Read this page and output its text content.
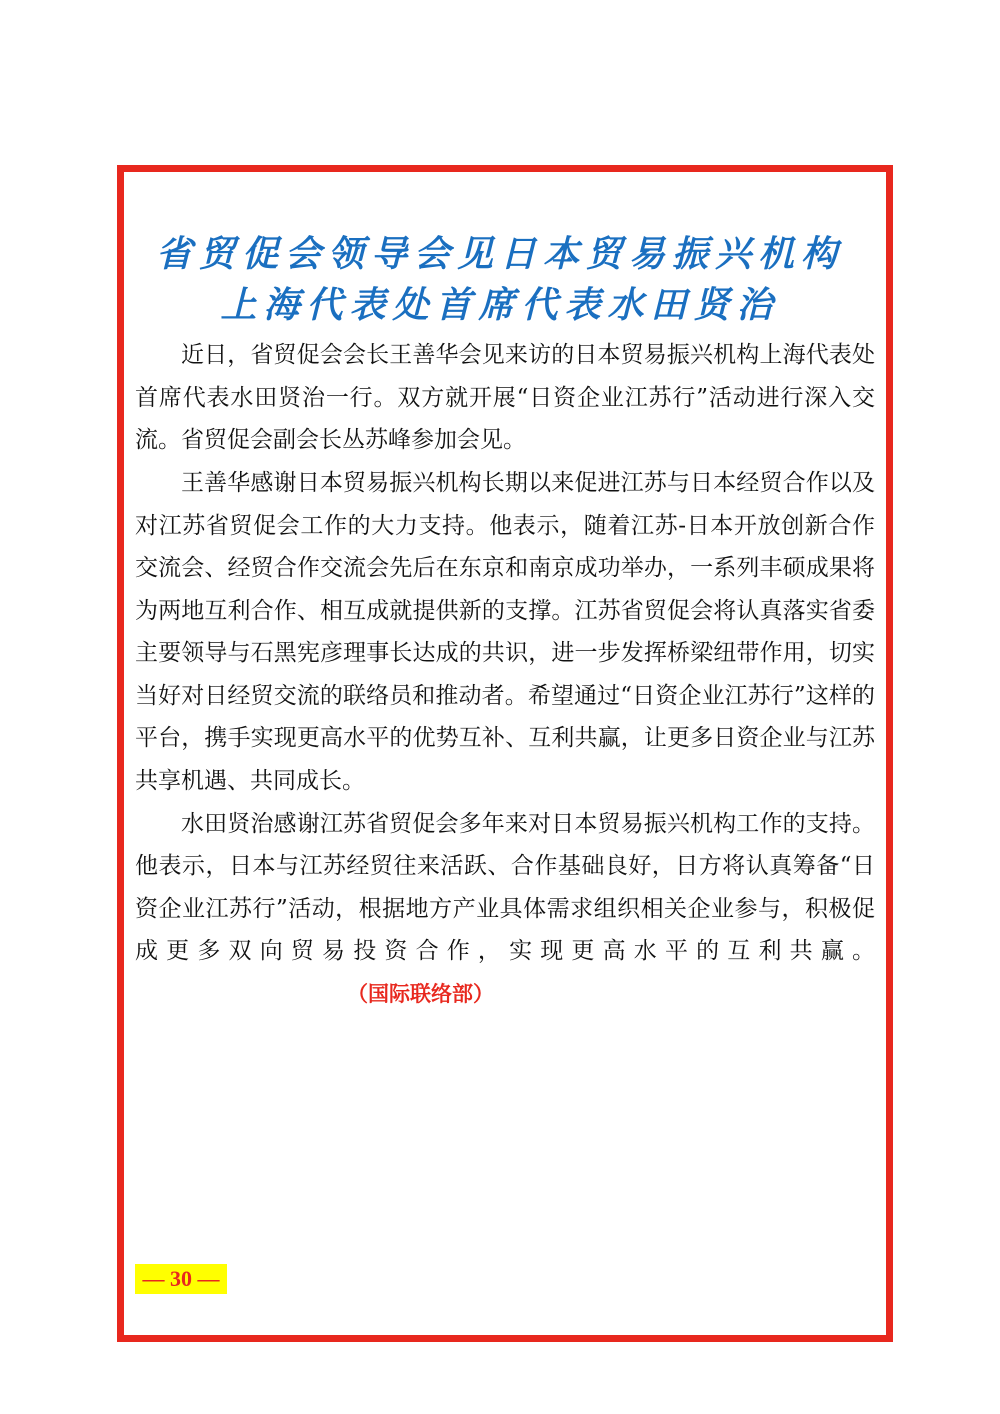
省贸促会领导会见日本贸易振兴机构
上海代表处首席代表水田贤治

近日，省贸促会会长王善华会见来访的日本贸易振兴机构上海代表处首席代表水田贤治一行。双方就开展“日资企业江苏行”活动进行深入交流。省贸促会副会长丛苏峰参加会见。

王善华感谢日本贸易振兴机构长期以来促进江苏与日本经贸合作以及对江苏省贸促会工作的大力支持。他表示，随着江苏-日本开放创新合作交流会、经贸合作交流会先后在东京和南京成功举办，一系列丰硕成果将为两地互利合作、相互成就提供新的支撑。江苏省贸促会将认真落实省委主要领导与石黑宪彦理事长达成的共识，进一步发挥桥梁纽带作用，切实当好对日经贸交流的联络员和推动者。希望通过“日资企业江苏行”这样的平台，携手实现更高水平的优势互补、互利共赢，让更多日资企业与江苏共享机遇、共同成长。

水田贤治感谢江苏省贸促会多年来对日本贸易振兴机构工作的支持。他表示，日本与江苏经贸往来活跃、合作基础良好，日方将认真筹备“日资企业江苏行”活动，根据地方产业具体需求组织相关企业参与，积极促成更多双向贸易投资合作，实现更高水平的互利共赢。（国际联络部）

— 30 —
